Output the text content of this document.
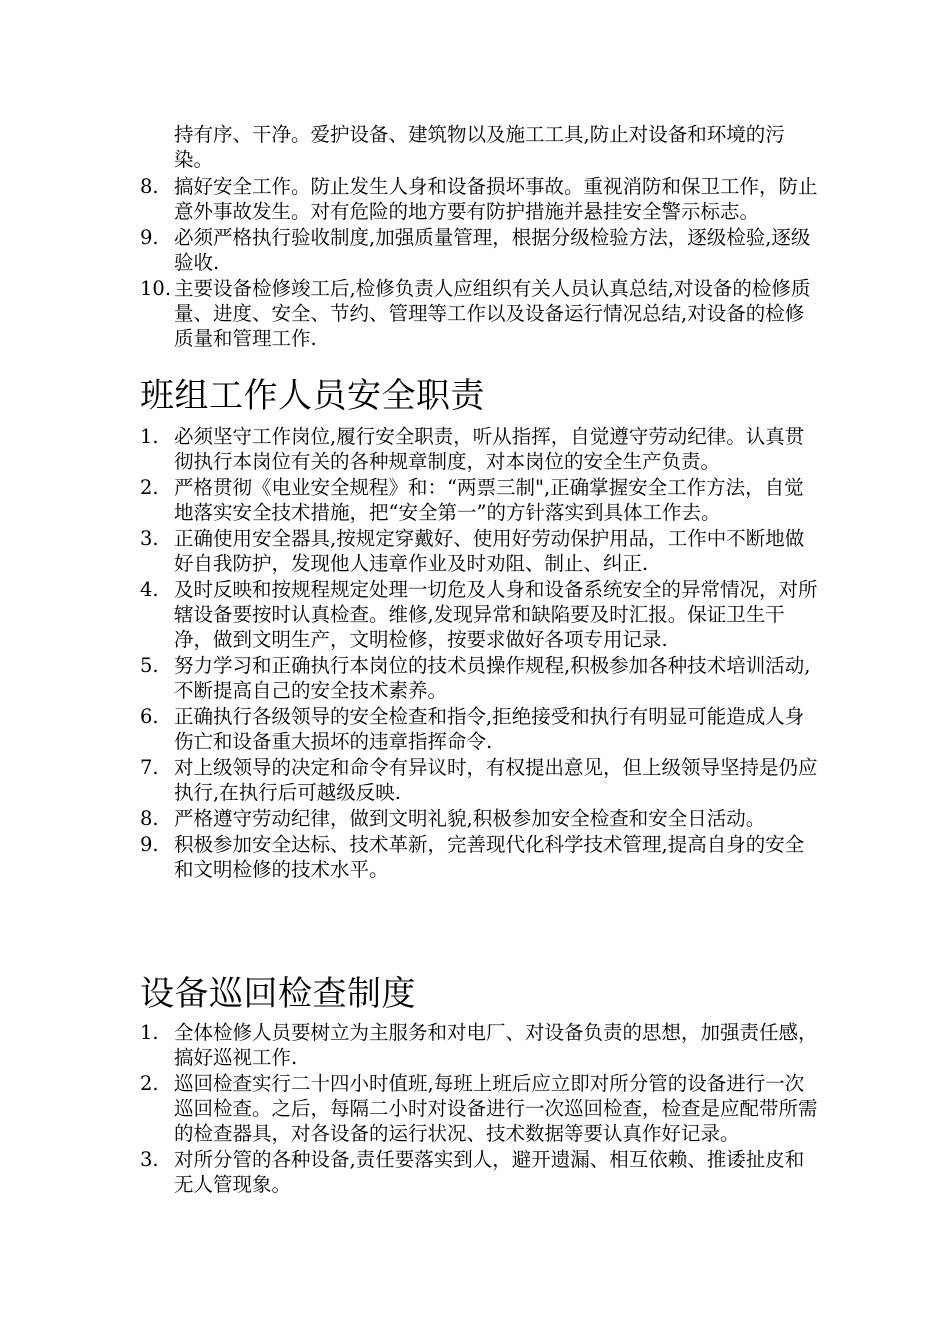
持有序、干净。爱护设备、建筑物以及施工工具,防止对设备和环境的污染。
8. 搞好安全工作。防止发生人身和设备损坏事故。重视消防和保卫工作，防止意外事故发生。对有危险的地方要有防护措施并悬挂安全警示标志。
9. 必须严格执行验收制度,加强质量管理，根据分级检验方法，逐级检验,逐级验收.
10. 主要设备检修竣工后,检修负责人应组织有关人员认真总结,对设备的检修质量、进度、安全、节约、管理等工作以及设备运行情况总结,对设备的检修质量和管理工作.
班组工作人员安全职责
1. 必须坚守工作岗位,履行安全职责，听从指挥，自觉遵守劳动纪律。认真贯彻执行本岗位有关的各种规章制度，对本岗位的安全生产负责。
2. 严格贯彻《电业安全规程》和：“两票三制",正确掌握安全工作方法，自觉地落实安全技术措施，把“安全第一”的方针落实到具体工作去。
3. 正确使用安全器具,按规定穿戴好、使用好劳动保护用品，工作中不断地做好自我防护，发现他人违章作业及时劝阻、制止、纠正.
4. 及时反映和按规程规定处理一切危及人身和设备系统安全的异常情况，对所辖设备要按时认真检查。维修,发现异常和缺陷要及时汇报。保证卫生干净，做到文明生产，文明检修，按要求做好各项专用记录.
5. 努力学习和正确执行本岗位的技术员操作规程,积极参加各种技术培训活动,不断提高自己的安全技术素养。
6. 正确执行各级领导的安全检查和指令,拒绝接受和执行有明显可能造成人身伤亡和设备重大损坏的违章指挥命令.
7. 对上级领导的决定和命令有异议时，有权提出意见，但上级领导坚持是仍应执行,在执行后可越级反映.
8. 严格遵守劳动纪律，做到文明礼貌,积极参加安全检查和安全日活动。
9. 积极参加安全达标、技术革新，完善现代化科学技术管理,提高自身的安全和文明检修的技术水平。
设备巡回检查制度
1. 全体检修人员要树立为主服务和对电厂、对设备负责的思想，加强责任感，搞好巡视工作.
2. 巡回检查实行二十四小时值班,每班上班后应立即对所分管的设备进行一次巡回检查。之后，每隔二小时对设备进行一次巡回检查，检查是应配带所需的检查器具，对各设备的运行状况、技术数据等要认真作好记录。
3. 对所分管的各种设备,责任要落实到人，避开遗漏、相互依赖、推诿扯皮和无人管现象。
